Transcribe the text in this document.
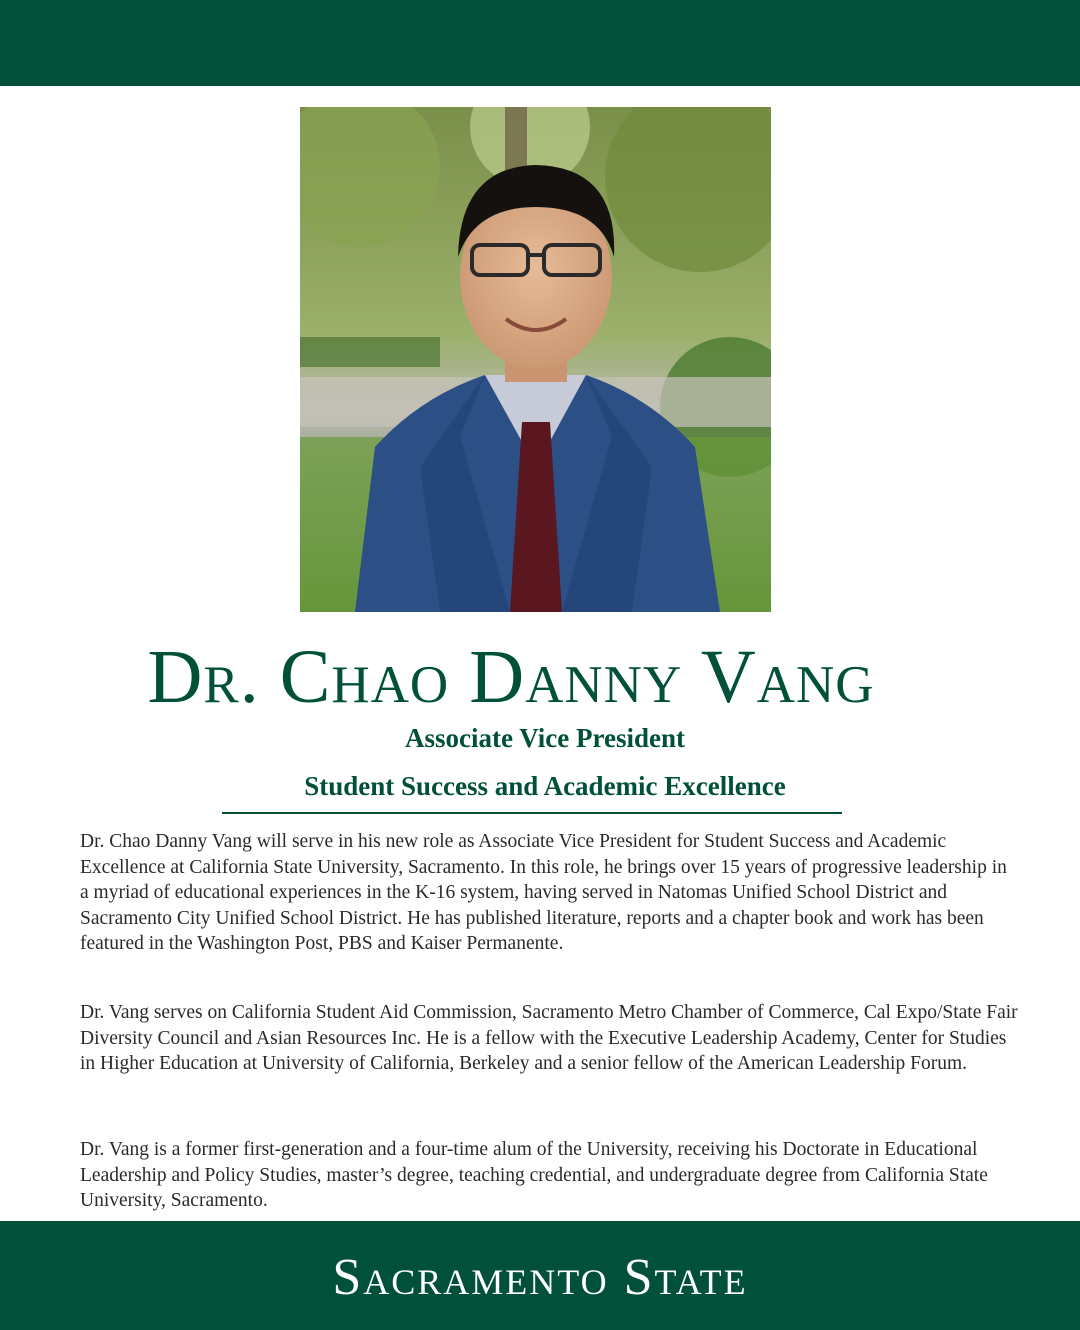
Dr. Chao Danny Vang
Associate Vice President
Student Success and Academic Excellence

Dr. Chao Danny Vang will serve in his new role as Associate Vice President for Student Success and Academic Excellence at California State University, Sacramento. In this role, he brings over 15 years of progressive leadership in a myriad of educational experiences in the K-16 system, having served in Natomas Unified School District and Sacramento City Unified School District. He has published literature, reports and a chapter book and work has been featured in the Washington Post, PBS and Kaiser Permanente.

Dr. Vang serves on California Student Aid Commission, Sacramento Metro Chamber of Commerce, Cal Expo/State Fair Diversity Council and Asian Resources Inc. He is a fellow with the Executive Leadership Academy, Center for Studies in Higher Education at University of California, Berkeley and a senior fellow of the American Leadership Forum.

Dr. Vang is a former first-generation and a four-time alum of the University, receiving his Doctorate in Educational Leadership and Policy Studies, master’s degree, teaching credential, and undergraduate degree from California State University, Sacramento.

Sacramento State
